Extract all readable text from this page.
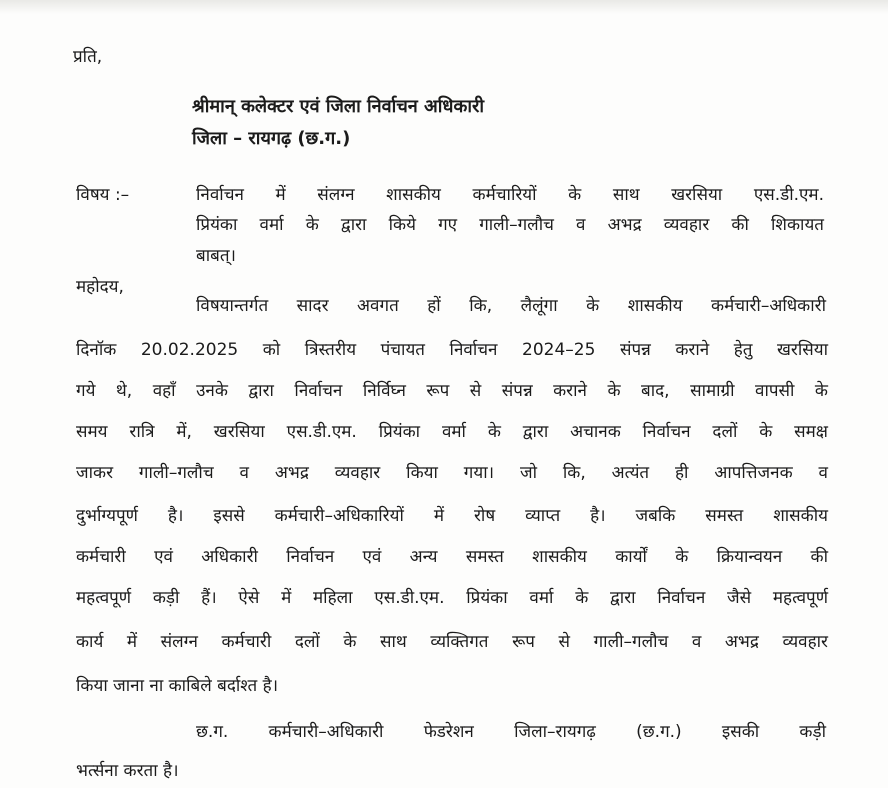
प्रति,
श्रीमान् कलेक्टर एवं जिला निर्वाचन अधिकारी
जिला – रायगढ़ (छ.ग.)
विषय :–	निर्वाचन में संलग्न शासकीय कर्मचारियों के साथ खरसिया एस.डी.एम.
प्रियंका वर्मा के द्वारा किये गए गाली–गलौच व अभद्र व्यवहार की शिकायत
बाबत्।
महोदय,
विषयान्तर्गत सादर अवगत हों कि, लैलूंगा के शासकीय कर्मचारी–अधिकारी
दिनॉक 20.02.2025 को त्रिस्तरीय पंचायत निर्वाचन 2024–25 संपन्न कराने हेतु खरसिया
गये थे, वहॉं उनके द्वारा निर्वाचन निर्विघ्न रूप से संपन्न कराने के बाद, सामाग्री वापसी के
समय रात्रि में, खरसिया एस.डी.एम. प्रियंका वर्मा के द्वारा अचानक निर्वाचन दलों के समक्ष
जाकर गाली–गलौच व अभद्र व्यवहार किया गया। जो कि, अत्यंत ही आपत्तिजनक व
दुर्भाग्यपूर्ण है। इससे कर्मचारी–अधिकारियों में रोष व्याप्त है। जबकि समस्त शासकीय
कर्मचारी एवं अधिकारी निर्वाचन एवं अन्य समस्त शासकीय कार्यों के क्रियान्वयन की
महत्वपूर्ण कड़ी हैं। ऐसे में महिला एस.डी.एम. प्रियंका वर्मा के द्वारा निर्वाचन जैसे महत्वपूर्ण
कार्य में संलग्न कर्मचारी दलों के साथ व्यक्तिगत रूप से गाली–गलौच व अभद्र व्यवहार
किया जाना ना काबिले बर्दाश्त है।
छ.ग. कर्मचारी–अधिकारी फेडरेशन जिला–रायगढ़ (छ.ग.) इसकी कड़ी
भर्त्सना करता है।
